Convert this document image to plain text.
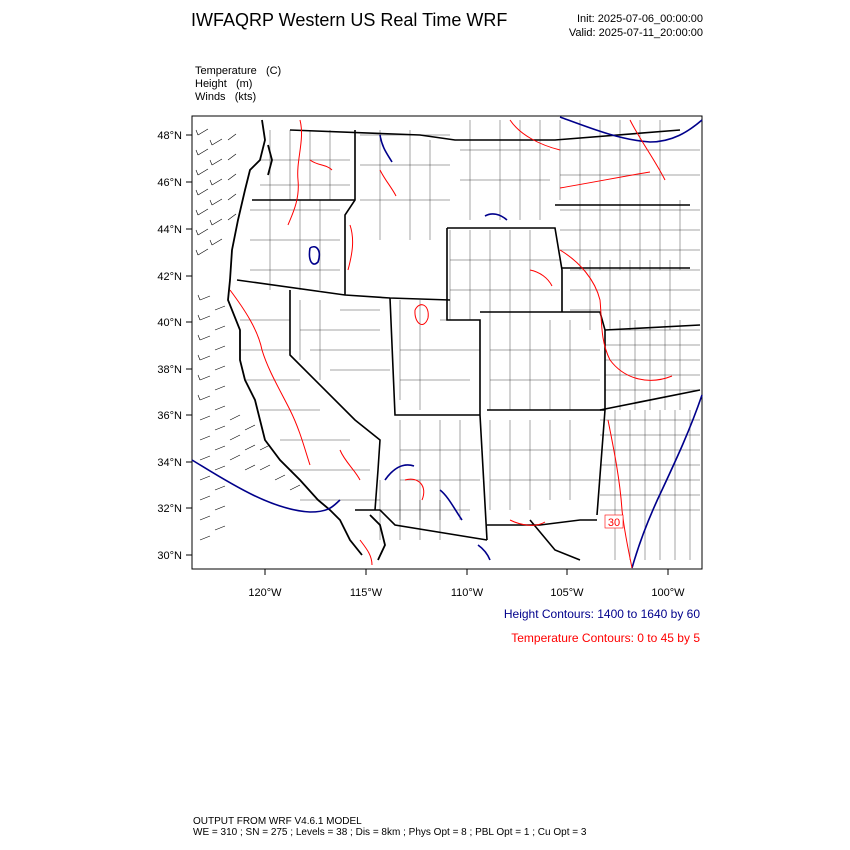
IWFAQRP Western US Real Time WRF	Init: 2025-07-06_00:00:00
Valid: 2025-07-11_20:00:00
Temperature (C)
Height (m)
Winds (kts)
30
48°N
46°N
44°N
42°N
40°N
38°N
36°N
34°N
32°N
30°N
120°W	115°W	110°W	105°W	100°W
Height Contours: 1400 to 1640 by 60
Temperature Contours: 0 to 45 by 5
OUTPUT FROM WRF V4.6.1 MODEL
WE = 310 ; SN = 275 ; Levels = 38 ; Dis = 8km ; Phys Opt = 8 ; PBL Opt = 1 ; Cu Opt = 3
